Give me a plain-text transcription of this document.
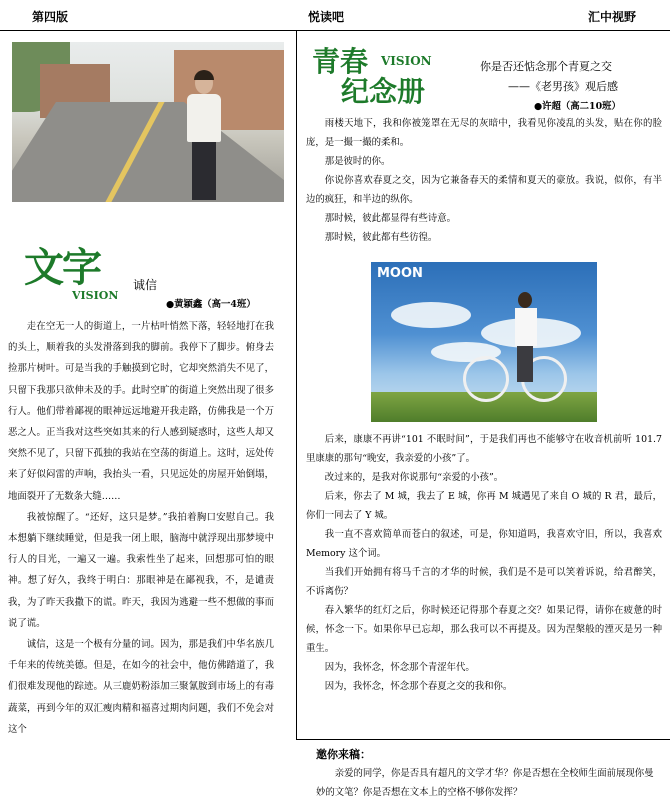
第四版	悦读吧	汇中视野
文字
VISION
诚信
●黄颖鑫（高一4班）

走在空无一人的街道上，一片枯叶悄然下落，轻轻地打在我的头上，顺着我的头发滑落到我的脚前。我停下了脚步。俯身去捡那片树叶。可是当我的手触摸到它时，它却突然消失不见了，只留下我那只欲伸未及的手。此时空旷的街道上突然出现了很多行人。他们带着鄙视的眼神远远地避开我走路，仿佛我是一个万恶之人。正当我对这些突如其来的行人感到疑惑时，这些人却又突然不见了，只留下孤独的我站在空荡的街道上。这时，远处传来了好似闷雷的声响，我抬头一看，只见远处的房屋开始倒塌，地面裂开了无数条大缝……

我被惊醒了。“还好，这只是梦。”我拍着胸口安慰自己。我本想躺下继续睡觉，但是我一闭上眼，脑海中就浮现出那梦境中行人的目光，一遍又一遍。我索性坐了起来，回想那可怕的眼神。想了好久，我终于明白：那眼神是在鄙视我，不，是谴责我，为了昨天我撒下的谎。昨天，我因为逃避一些不想做的事而说了谎。

诚信，这是一个极有分量的词。因为，那是我们中华名族几千年来的传统美德。但是，在如今的社会中，他仿佛踏道了，我们很难发现他的踪迹。从三鹿奶粉添加三聚氰胺到市场上的有毒蔬菜，再到今年的双汇瘦肉精和福喜过期肉问题，我们不免会对这个

青春 VISION
纪念册
你是否还惦念那个青夏之交
——《老男孩》观后感
●许超（高二10班）

雨楼天地下，我和你被笼罩在无尽的灰暗中，我看见你凌乱的头发，贴在你的脸庞，是一撮一撮的柔和。

那是彼时的你。

你说你喜欢春夏之交，因为它兼备春天的柔情和夏天的豪放。我说，似你，有半边的疯狂，和半边的纵你。

那时候，彼此都显得有些诗意。

那时候，彼此都有些彷徨。

MOON

后来，康康不再讲“101 不眠时间”，于是我们再也不能够守在收音机前听 101.7 里康康的那句“晚安，我亲爱的小孩”了。

改过来的，是我对你说那句“亲爱的小孩”。

后来，你去了 M 城，我去了 E 城，你再 M 城遇见了来自 O 城的 R 君，最后，你们一同去了 Y 城。

我一直不喜欢简单而苍白的叙述，可是，你知道吗，我喜欢守旧，所以，我喜欢 Memory 这个词。

当我们开始拥有将马千言的才华的时候，我们是不是可以笑着诉说，给君醉笑，不诉离伤？

春入繁华的红灯之后，你时候还记得那个春夏之交？如果记得，请你在疲惫的时候，怀念一下。如果你早已忘却，那么我可以不再提及。因为涅槃般的湮灭是另一种重生。

因为，我怀念，怀念那个青涩年代。

因为，我怀念，怀念那个春夏之交的我和你。

邀你来稿：
亲爱的同学，你是否具有超凡的文学才华？你是否想在全校师生面前展现你曼妙的文笔？你是否想在文本上的空格不够你发挥？
